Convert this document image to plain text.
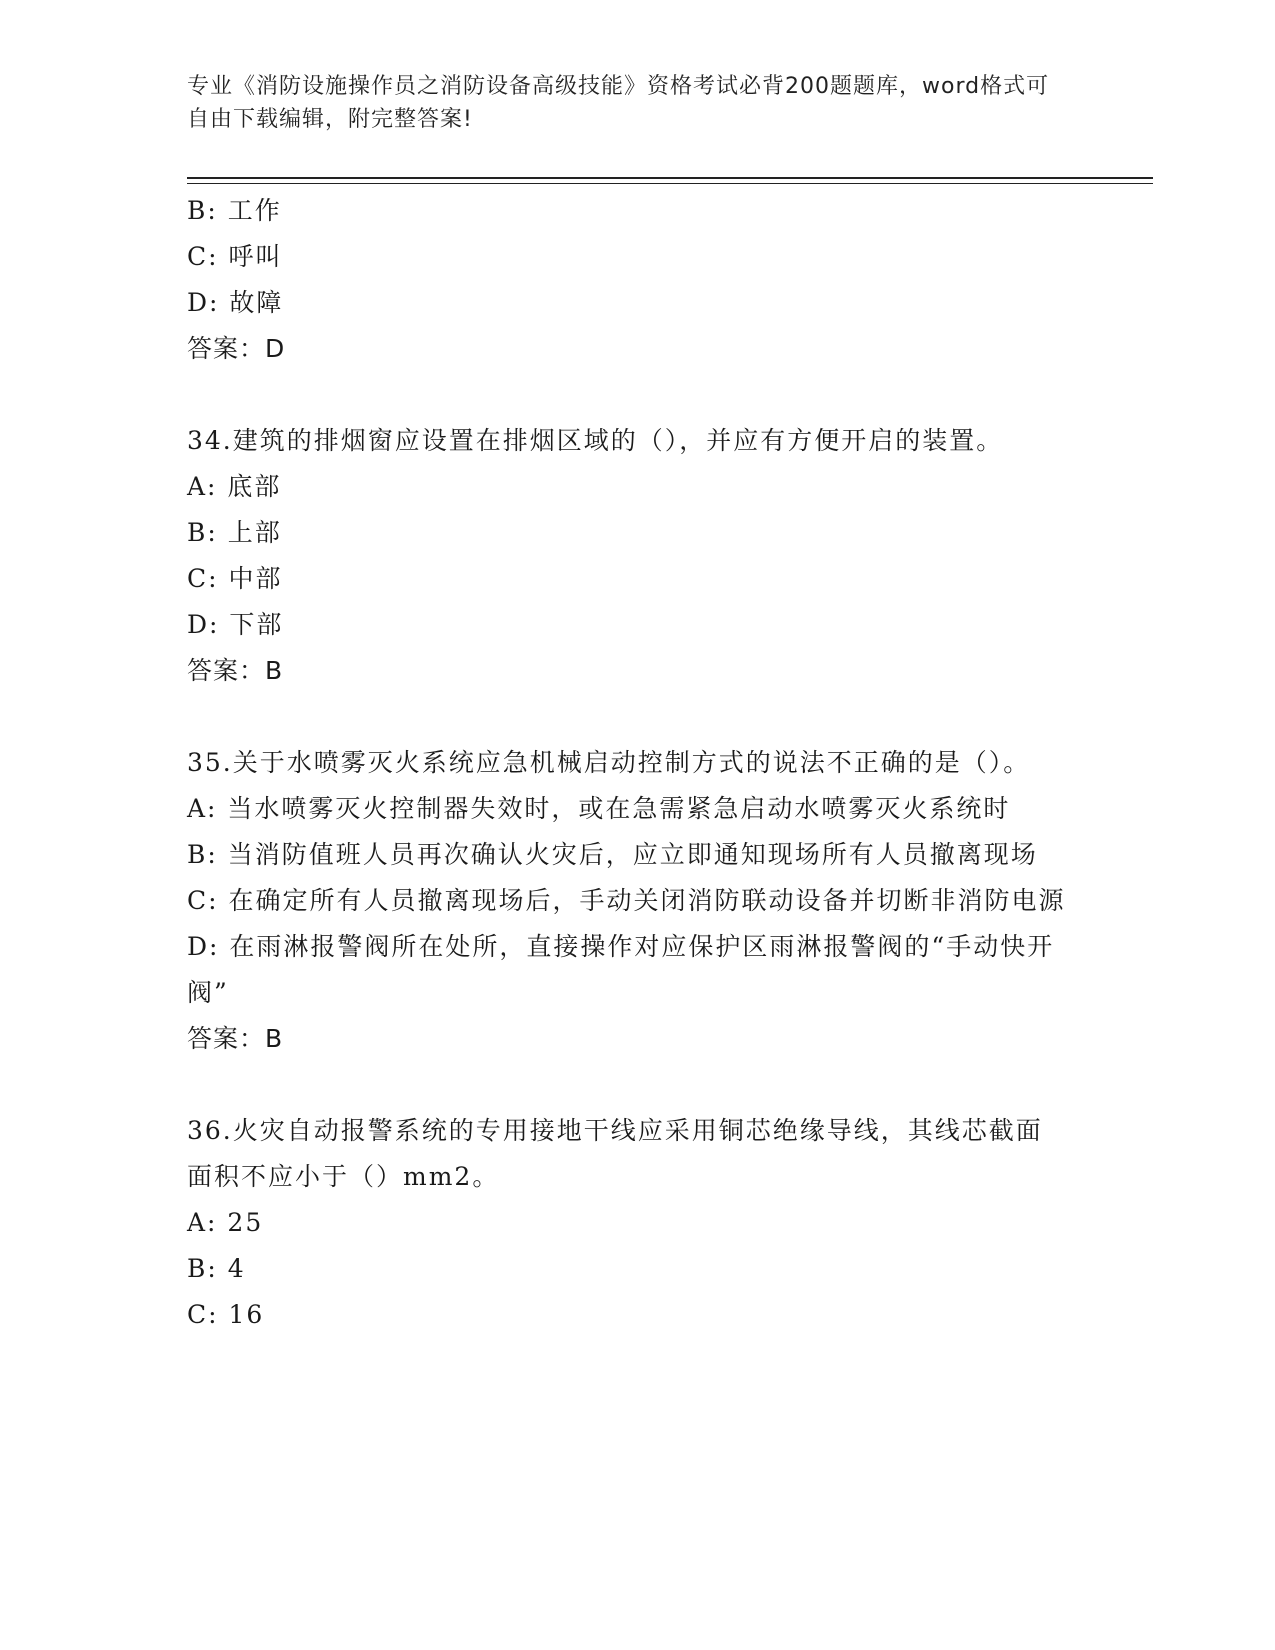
专业《消防设施操作员之消防设备高级技能》资格考试必背200题题库，word格式可自由下载编辑，附完整答案!
B: 工作
C: 呼叫
D: 故障
答案：D
34.建筑的排烟窗应设置在排烟区域的（），并应有方便开启的装置。
A: 底部
B: 上部
C: 中部
D: 下部
答案：B
35.关于水喷雾灭火系统应急机械启动控制方式的说法不正确的是（）。
A: 当水喷雾灭火控制器失效时，或在急需紧急启动水喷雾灭火系统时
B: 当消防值班人员再次确认火灾后，应立即通知现场所有人员撤离现场
C: 在确定所有人员撤离现场后，手动关闭消防联动设备并切断非消防电源
D: 在雨淋报警阀所在处所，直接操作对应保护区雨淋报警阀的“手动快开阀”
答案：B
36.火灾自动报警系统的专用接地干线应采用铜芯绝缘导线，其线芯截面面积不应小于（）mm2。
A: 25
B: 4
C: 16
